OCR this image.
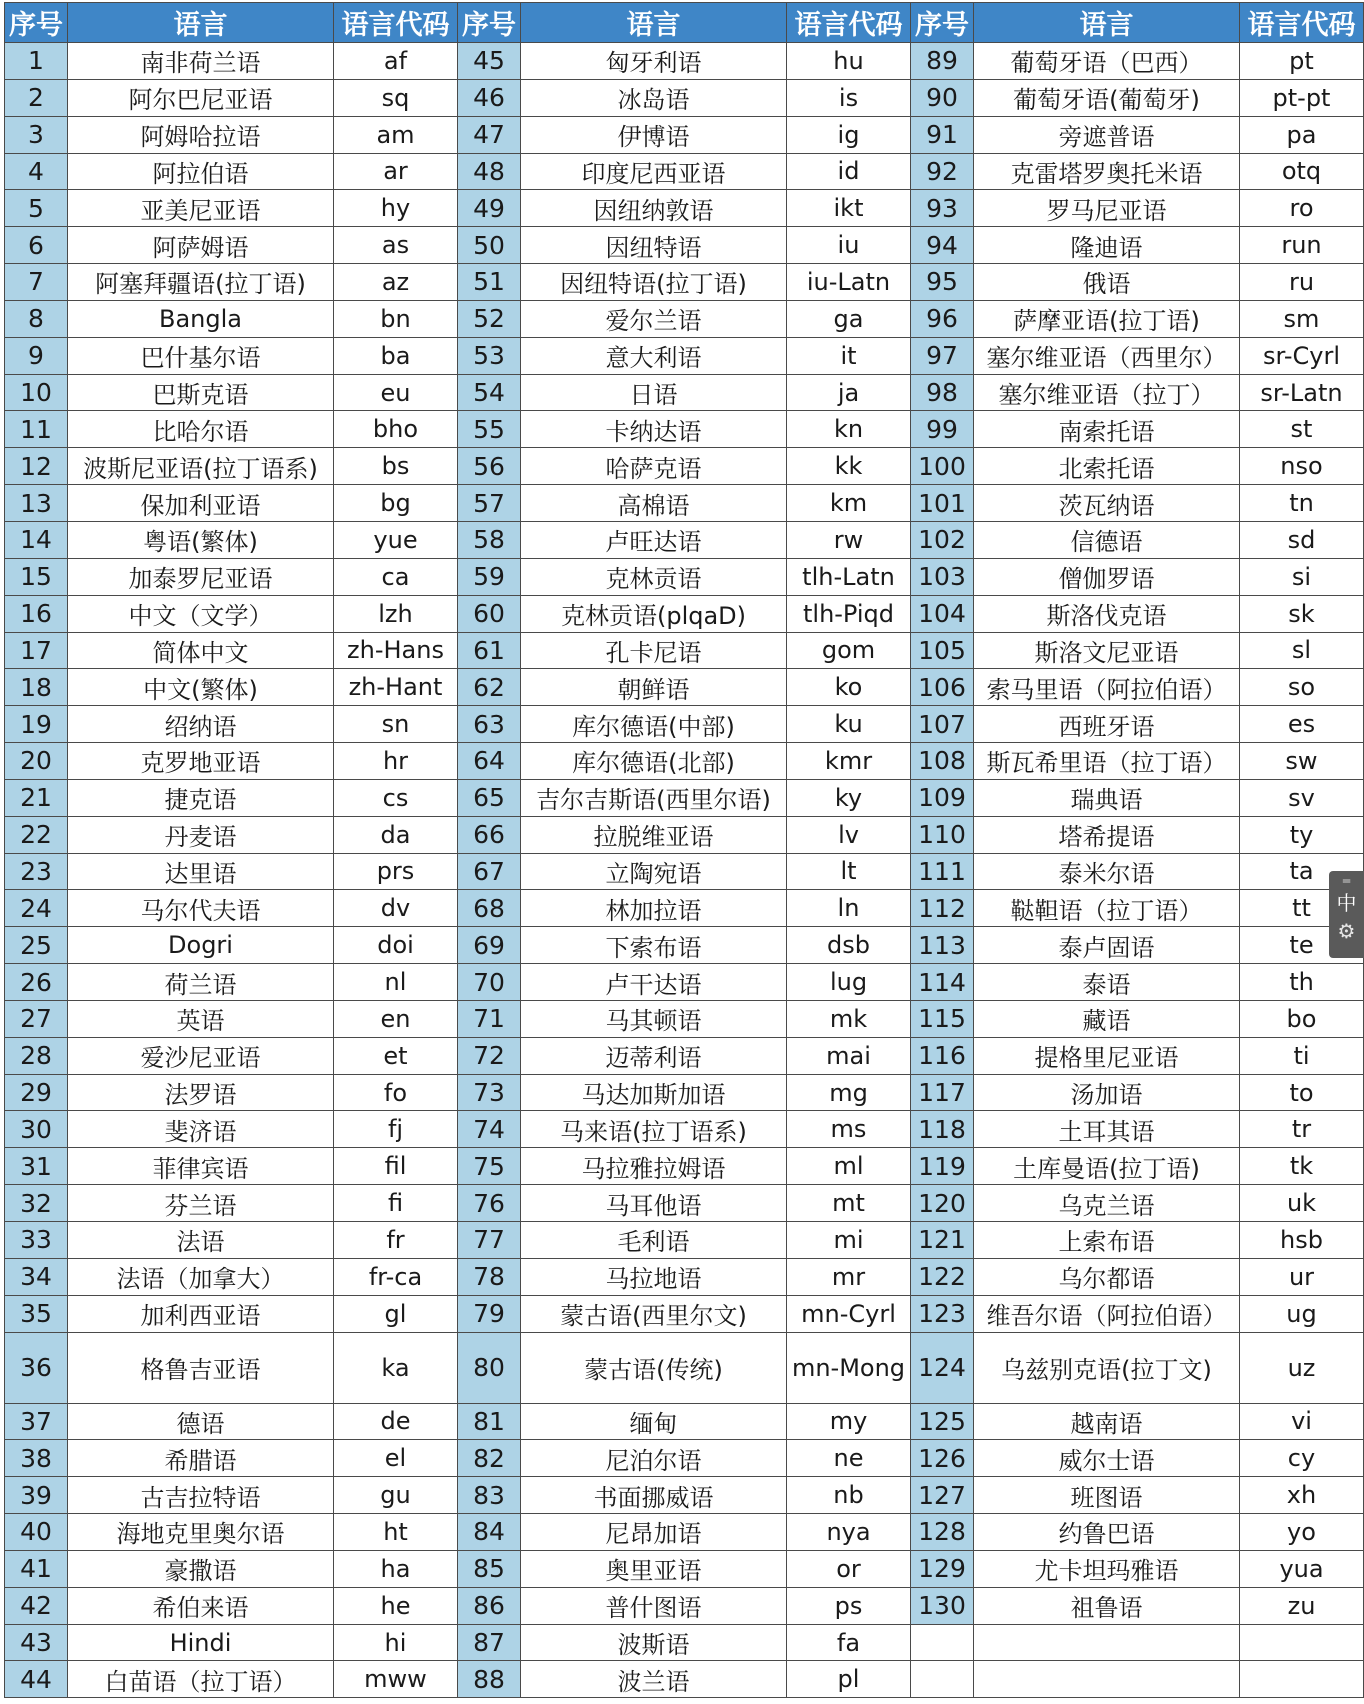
序号	语言	语言代码	序号	语言	语言代码	序号	语言	语言代码
1	南非荷兰语	af	45	匈牙利语	hu	89	葡萄牙语（巴西）	pt
2	阿尔巴尼亚语	sq	46	冰岛语	is	90	葡萄牙语(葡萄牙)	pt-pt
3	阿姆哈拉语	am	47	伊博语	ig	91	旁遮普语	pa
4	阿拉伯语	ar	48	印度尼西亚语	id	92	克雷塔罗奥托米语	otq
5	亚美尼亚语	hy	49	因纽纳敦语	ikt	93	罗马尼亚语	ro
6	阿萨姆语	as	50	因纽特语	iu	94	隆迪语	run
7	阿塞拜疆语(拉丁语)	az	51	因纽特语(拉丁语)	iu-Latn	95	俄语	ru
8	Bangla	bn	52	爱尔兰语	ga	96	萨摩亚语(拉丁语)	sm
9	巴什基尔语	ba	53	意大利语	it	97	塞尔维亚语（西里尔）	sr-Cyrl
10	巴斯克语	eu	54	日语	ja	98	塞尔维亚语（拉丁）	sr-Latn
11	比哈尔语	bho	55	卡纳达语	kn	99	南索托语	st
12	波斯尼亚语(拉丁语系)	bs	56	哈萨克语	kk	100	北索托语	nso
13	保加利亚语	bg	57	高棉语	km	101	茨瓦纳语	tn
14	粤语(繁体)	yue	58	卢旺达语	rw	102	信德语	sd
15	加泰罗尼亚语	ca	59	克林贡语	tlh-Latn	103	僧伽罗语	si
16	中文（文学）	lzh	60	克林贡语(plqaD)	tlh-Piqd	104	斯洛伐克语	sk
17	简体中文	zh-Hans	61	孔卡尼语	gom	105	斯洛文尼亚语	sl
18	中文(繁体)	zh-Hant	62	朝鲜语	ko	106	索马里语（阿拉伯语）	so
19	绍纳语	sn	63	库尔德语(中部)	ku	107	西班牙语	es
20	克罗地亚语	hr	64	库尔德语(北部)	kmr	108	斯瓦希里语（拉丁语）	sw
21	捷克语	cs	65	吉尔吉斯语(西里尔语)	ky	109	瑞典语	sv
22	丹麦语	da	66	拉脱维亚语	lv	110	塔希提语	ty
23	达里语	prs	67	立陶宛语	lt	111	泰米尔语	ta
24	马尔代夫语	dv	68	林加拉语	ln	112	鞑靼语（拉丁语）	tt
25	Dogri	doi	69	下索布语	dsb	113	泰卢固语	te
26	荷兰语	nl	70	卢干达语	lug	114	泰语	th
27	英语	en	71	马其顿语	mk	115	藏语	bo
28	爱沙尼亚语	et	72	迈蒂利语	mai	116	提格里尼亚语	ti
29	法罗语	fo	73	马达加斯加语	mg	117	汤加语	to
30	斐济语	fj	74	马来语(拉丁语系)	ms	118	土耳其语	tr
31	菲律宾语	fil	75	马拉雅拉姆语	ml	119	土库曼语(拉丁语)	tk
32	芬兰语	fi	76	马耳他语	mt	120	乌克兰语	uk
33	法语	fr	77	毛利语	mi	121	上索布语	hsb
34	法语（加拿大）	fr-ca	78	马拉地语	mr	122	乌尔都语	ur
35	加利西亚语	gl	79	蒙古语(西里尔文)	mn-Cyrl	123	维吾尔语（阿拉伯语）	ug
36	格鲁吉亚语	ka	80	蒙古语(传统)	mn-Mong	124	乌兹别克语(拉丁文)	uz
37	德语	de	81	缅甸	my	125	越南语	vi
38	希腊语	el	82	尼泊尔语	ne	126	威尔士语	cy
39	古吉拉特语	gu	83	书面挪威语	nb	127	班图语	xh
40	海地克里奥尔语	ht	84	尼昂加语	nya	128	约鲁巴语	yo
41	豪撒语	ha	85	奥里亚语	or	129	尤卡坦玛雅语	yua
42	希伯来语	he	86	普什图语	ps	130	祖鲁语	zu
43	Hindi	hi	87	波斯语	fa			
44	白苗语（拉丁语）	mww	88	波兰语	pl			
═
中
⚙
